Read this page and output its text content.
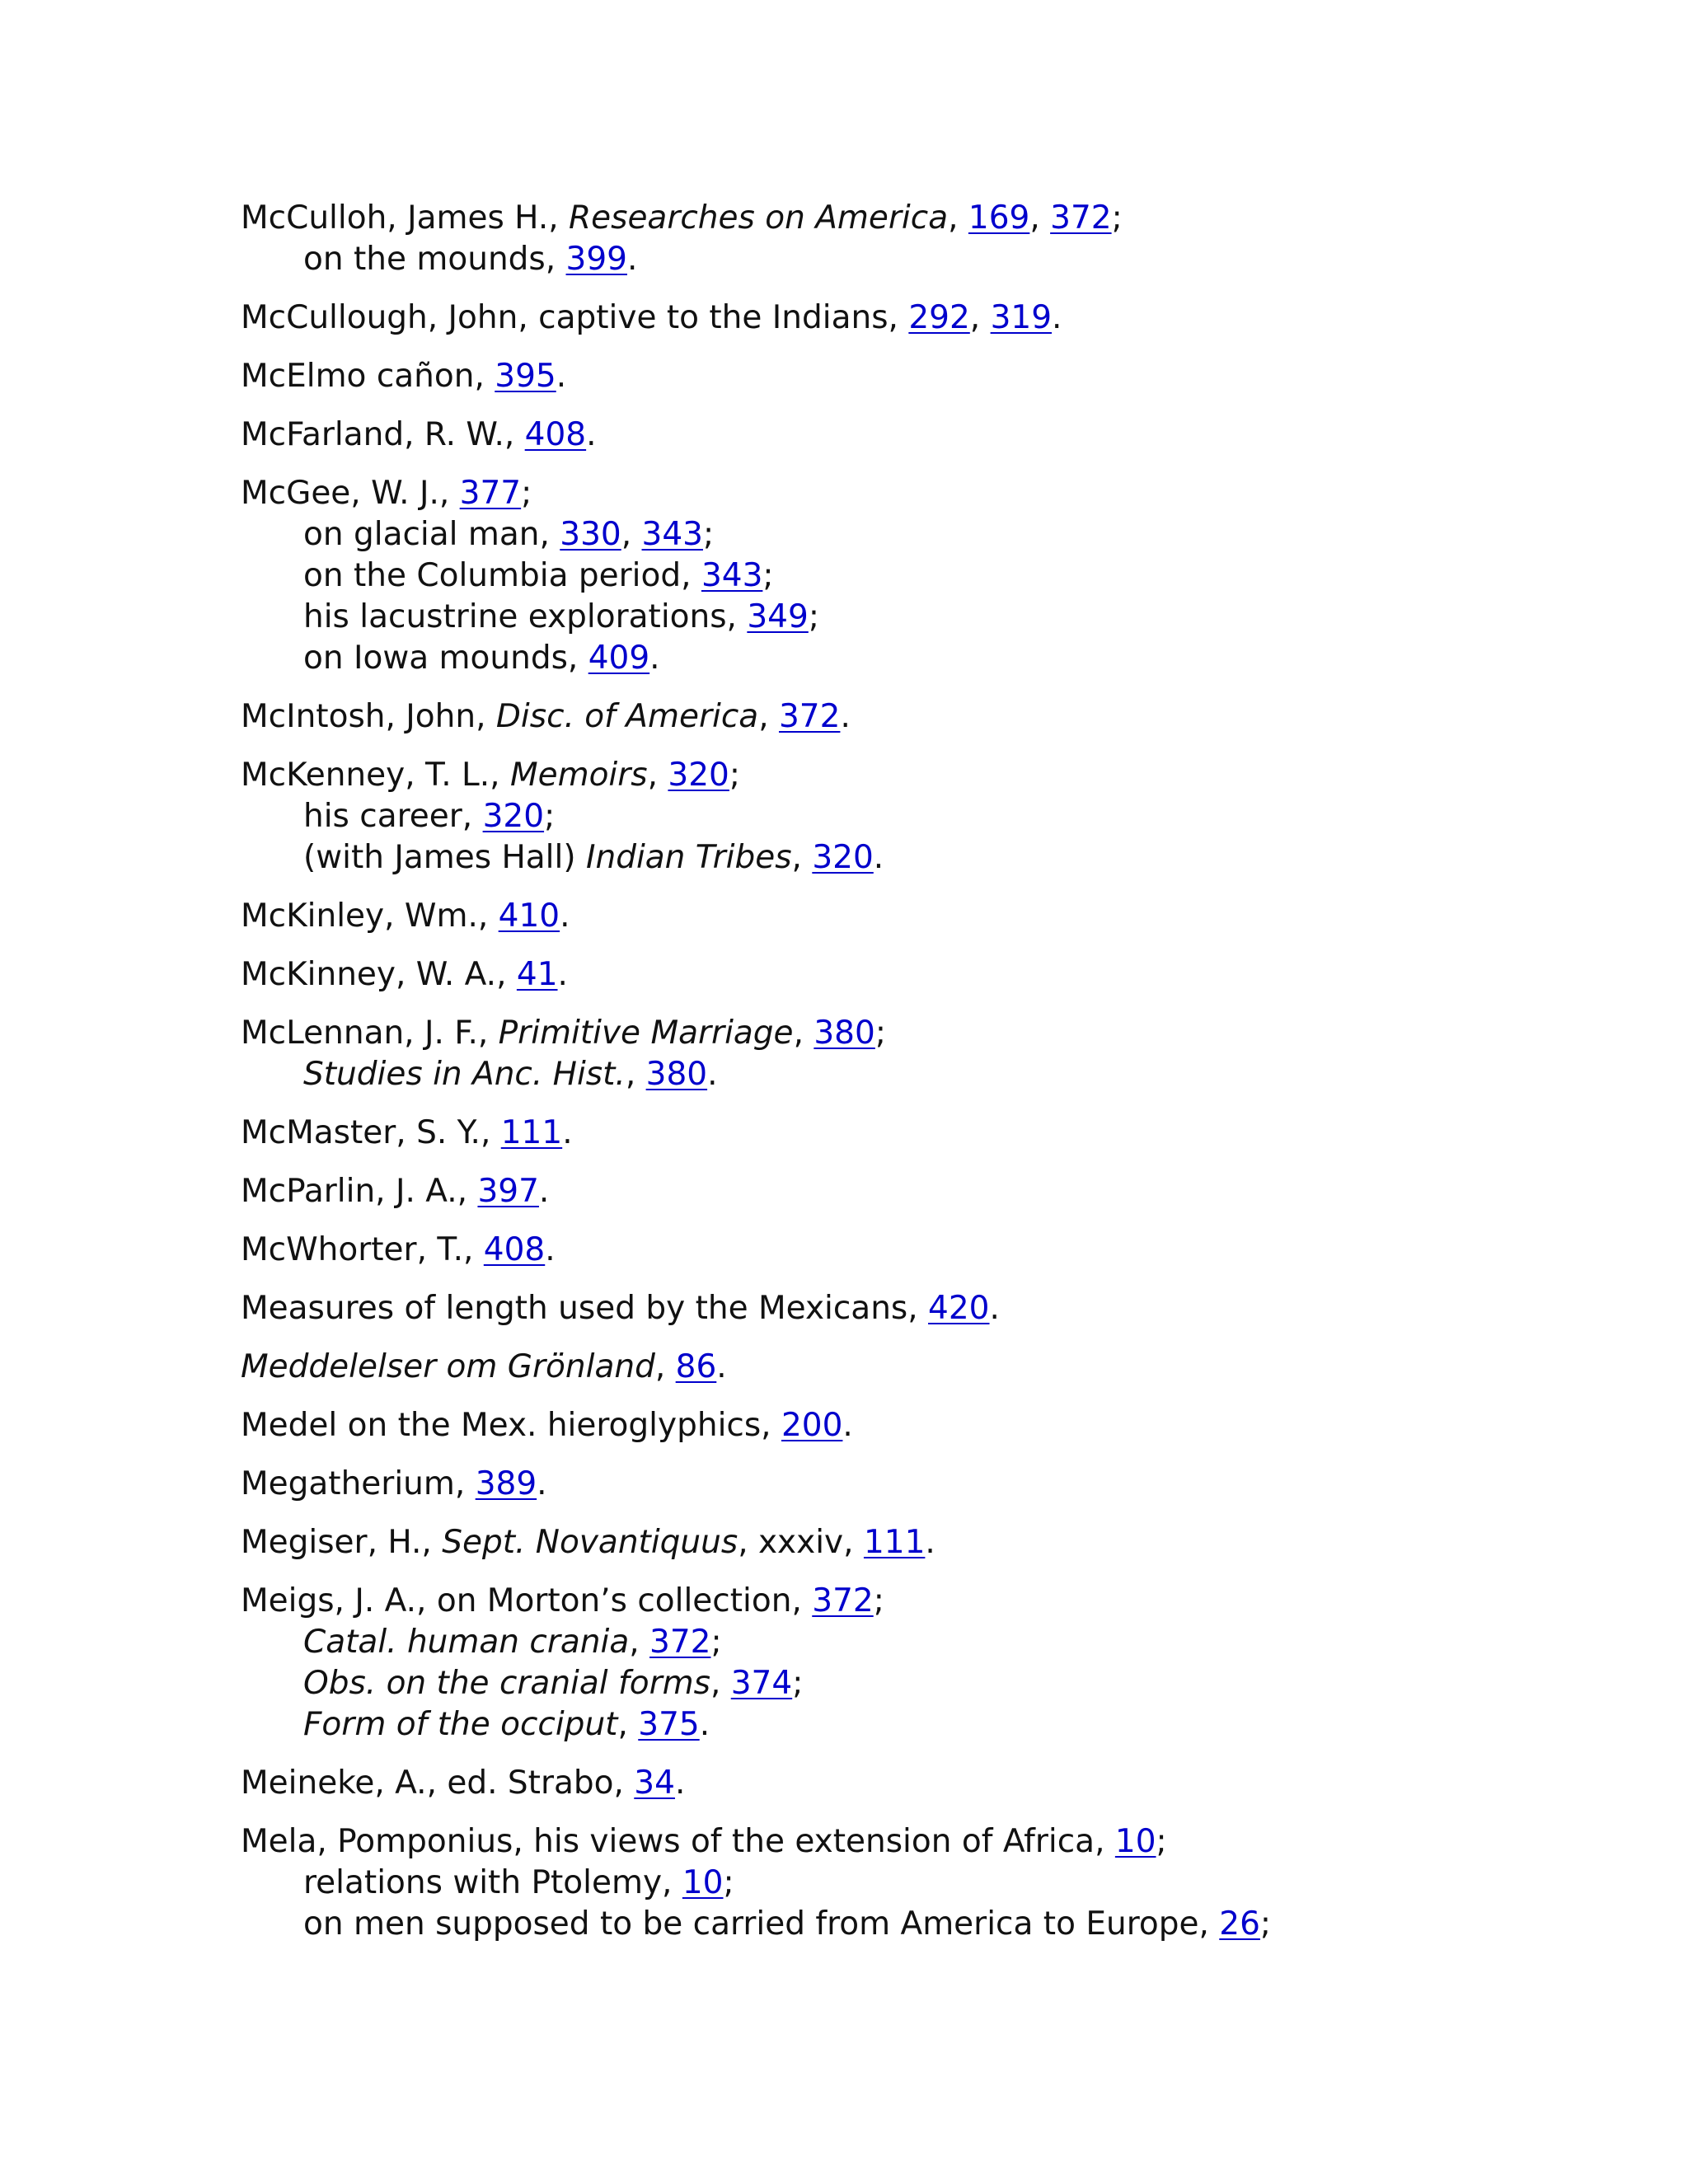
McCulloh, James H., Researches on America, 169, 372;
on the mounds, 399.
McCullough, John, captive to the Indians, 292, 319.
McElmo cañon, 395.
McFarland, R. W., 408.
McGee, W. J., 377;
on glacial man, 330, 343;
on the Columbia period, 343;
his lacustrine explorations, 349;
on Iowa mounds, 409.
McIntosh, John, Disc. of America, 372.
McKenney, T. L., Memoirs, 320;
his career, 320;
(with James Hall) Indian Tribes, 320.
McKinley, Wm., 410.
McKinney, W. A., 41.
McLennan, J. F., Primitive Marriage, 380;
Studies in Anc. Hist., 380.
McMaster, S. Y., 111.
McParlin, J. A., 397.
McWhorter, T., 408.
Measures of length used by the Mexicans, 420.
Meddelelser om Grönland, 86.
Medel on the Mex. hieroglyphics, 200.
Megatherium, 389.
Megiser, H., Sept. Novantiquus, xxxiv, 111.
Meigs, J. A., on Morton’s collection, 372;
Catal. human crania, 372;
Obs. on the cranial forms, 374;
Form of the occiput, 375.
Meineke, A., ed. Strabo, 34.
Mela, Pomponius, his views of the extension of Africa, 10;
relations with Ptolemy, 10;
on men supposed to be carried from America to Europe, 26;
